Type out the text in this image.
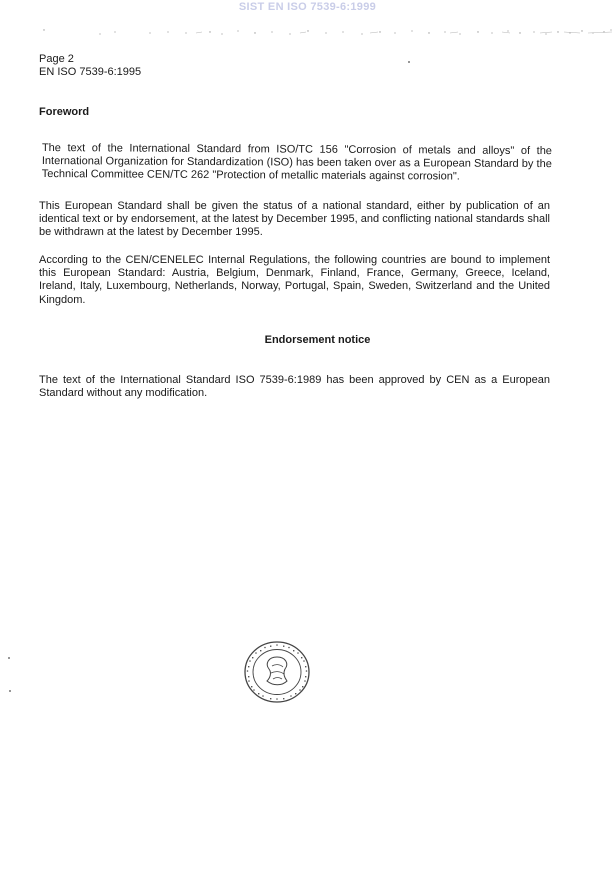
SIST EN ISO 7539-6:1999
Page 2
EN ISO 7539-6:1995
Foreword

The text of the International Standard from ISO/TC 156 "Corrosion of metals and alloys" of the International Organization for Standardization (ISO) has been taken over as a European Standard by the Technical Committee CEN/TC 262 "Protection of metallic materials against corrosion".

This European Standard shall be given the status of a national standard, either by publication of an identical text or by endorsement, at the latest by December 1995, and conflicting national standards shall be withdrawn at the latest by December 1995.

According to the CEN/CENELEC Internal Regulations, the following countries are bound to implement this European Standard: Austria, Belgium, Denmark, Finland, France, Germany, Greece, Iceland, Ireland, Italy, Luxembourg, Netherlands, Norway, Portugal, Spain, Sweden, Switzerland and the United Kingdom.

Endorsement notice

The text of the International Standard ISO 7539-6:1989 has been approved by CEN as a European Standard without any modification.
